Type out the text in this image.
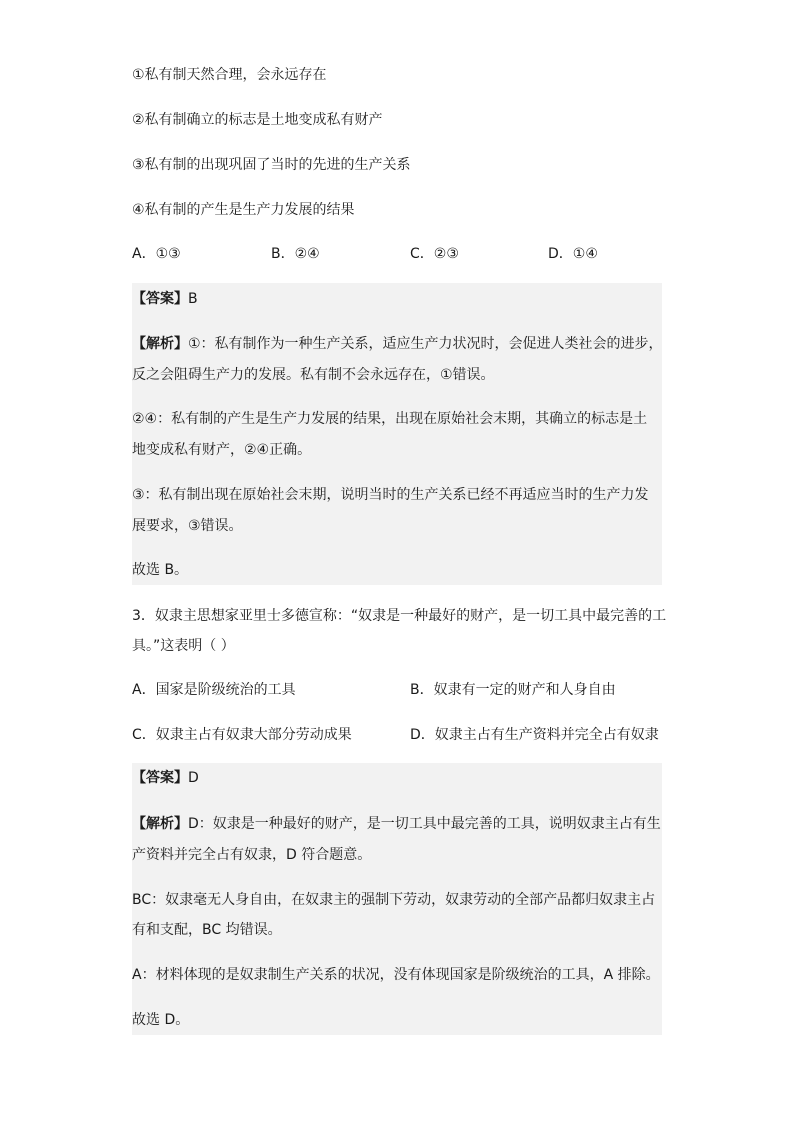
①私有制天然合理，会永远存在
②私有制确立的标志是土地变成私有财产
③私有制的出现巩固了当时的先进的生产关系
④私有制的产生是生产力发展的结果
A．①③	B．②④	C．②③	D．①④
【答案】B
【解析】①：私有制作为一种生产关系，适应生产力状况时，会促进人类社会的进步，
反之会阻碍生产力的发展。私有制不会永远存在，①错误。
②④：私有制的产生是生产力发展的结果，出现在原始社会末期，其确立的标志是土
地变成私有财产，②④正确。
③：私有制出现在原始社会末期，说明当时的生产关系已经不再适应当时的生产力发
展要求，③错误。
故选 B。
3．奴隶主思想家亚里士多德宣称：“奴隶是一种最好的财产，是一切工具中最完善的工
具。”这表明（ ）
A．国家是阶级统治的工具	B．奴隶有一定的财产和人身自由
C．奴隶主占有奴隶大部分劳动成果	D．奴隶主占有生产资料并完全占有奴隶
【答案】D
【解析】D：奴隶是一种最好的财产，是一切工具中最完善的工具，说明奴隶主占有生
产资料并完全占有奴隶，D 符合题意。
BC：奴隶毫无人身自由，在奴隶主的强制下劳动，奴隶劳动的全部产品都归奴隶主占
有和支配，BC 均错误。
A：材料体现的是奴隶制生产关系的状况，没有体现国家是阶级统治的工具，A 排除。
故选 D。
